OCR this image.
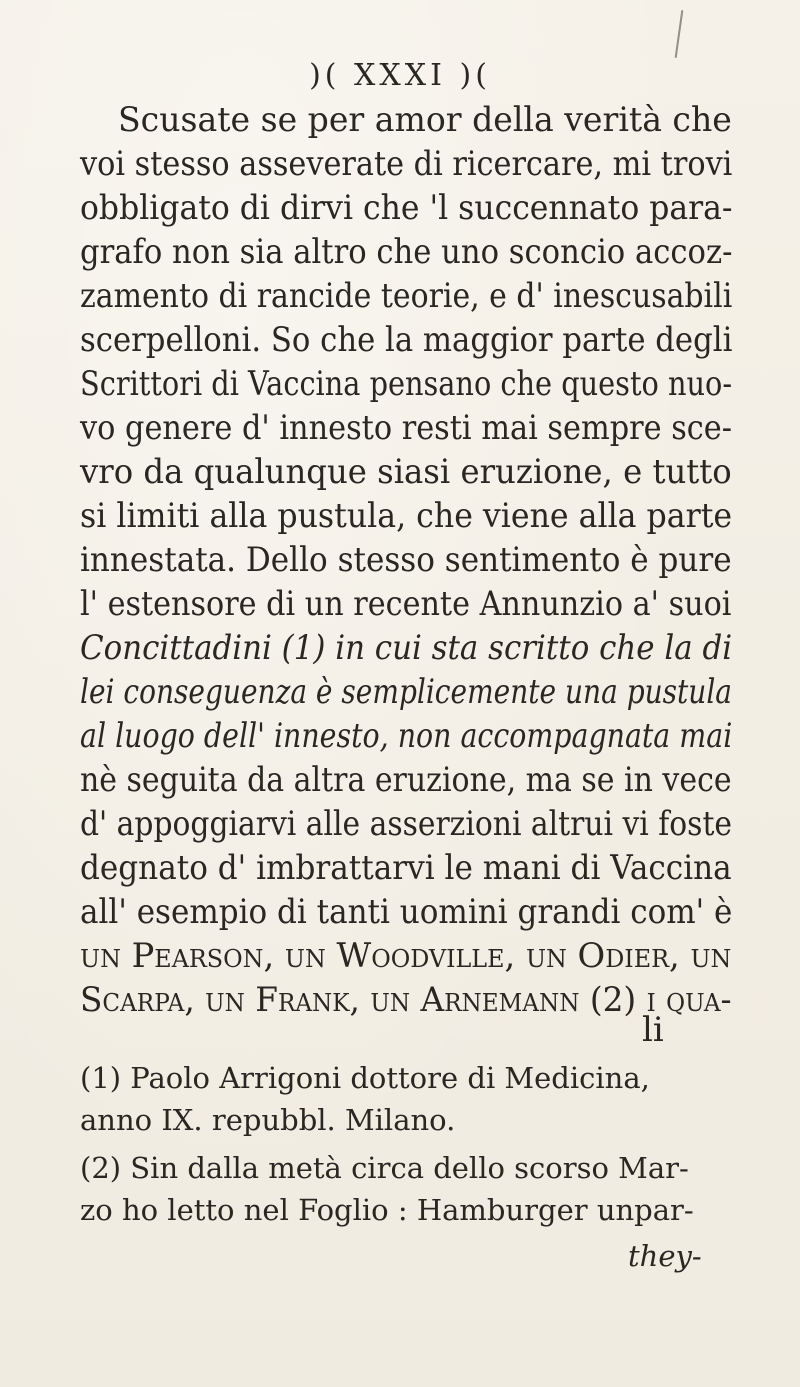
)( XXXI )(
Scusate se per amor della verità che
voi stesso asseverate di ricercare, mi trovi
obbligato di dirvi che 'l succennato para-
grafo non sia altro che uno sconcio accoz-
zamento di rancide teorie, e d' inescusabili
scerpelloni. So che la maggior parte degli
Scrittori di Vaccina pensano che questo nuo-
vo genere d' innesto resti mai sempre sce-
vro da qualunque siasi eruzione, e tutto
si limiti alla pustula, che viene alla parte
innestata. Dello stesso sentimento è pure
l' estensore di un recente Annunzio a' suoi
Concittadini (1) in cui sta scritto che la di
lei conseguenza è semplicemente una pustula
al luogo dell' innesto, non accompagnata mai
nè seguita da altra eruzione, ma se in vece
d' appoggiarvi alle asserzioni altrui vi foste
degnato d' imbrattarvi le mani di Vaccina
all' esempio di tanti uomini grandi com' è
un Pearson, un Woodville, un Odier, un
Scarpa, un Frank, un Arnemann (2) i qua-
li
(1) Paolo Arrigoni dottore di Medicina,
anno IX. repubbl. Milano.
(2) Sin dalla metà circa dello scorso Mar-
zo ho letto nel Foglio : Hamburger unpar-
they-
